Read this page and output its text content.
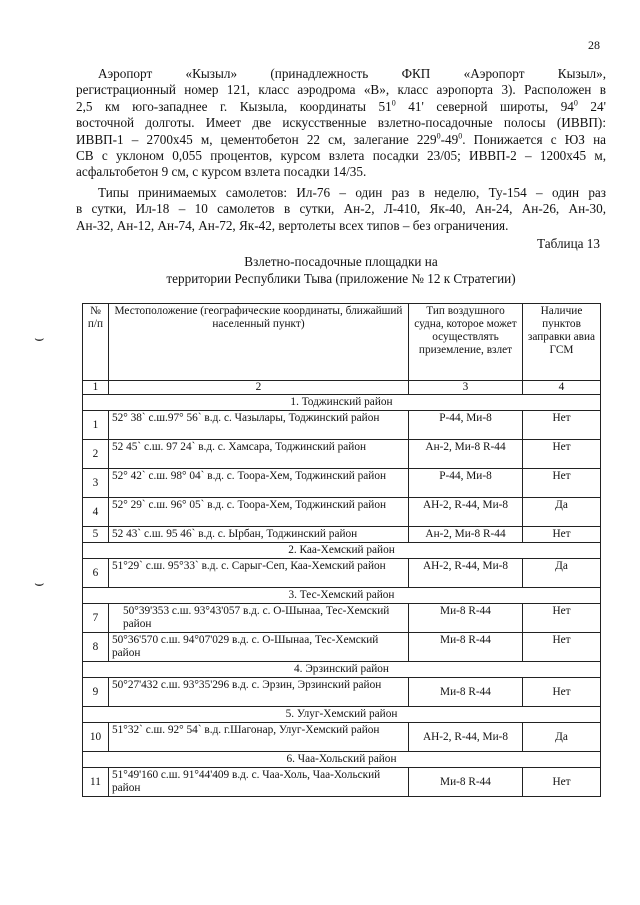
28
Аэропорт «Кызыл» (принадлежность ФКП «Аэропорт Кызыл»,
регистрационный номер 121, класс аэродрома «В», класс аэропорта 3). Расположен в
2,5 км юго-западнее г. Кызыла, координаты $51^0$ 41' северной широты, $94^0$ 24'
восточной долготы. Имеет две искусственные взлетно-посадочные полосы (ИВВП):
ИВВП-1 – 2700x45 м, цементобетон 22 см, залегание $229^0-49^0$. Понижается с ЮЗ на
СВ с уклоном 0,055 процентов, курсом взлета посадки 23/05; ИВВП-2 – 1200x45 м,
асфальтобетон 9 см, с курсом взлета посадки 14/35.
Типы принимаемых самолетов: Ил-76 – один раз в неделю, Ту-154 – один раз
в сутки, Ил-18 – 10 самолетов в сутки, Ан-2, Л-410, Як-40, Ан-24, Ан-26, Ан-30,
Ан-32, Ан-12, Ан-74, Ан-72, Як-42, вертолеты всех типов – без ограничения.
Таблица 13
Взлетно-посадочные площадки на
территории Республики Тыва (приложение № 12 к Стратегии)
⌣
⌣
№ п/п	Местоположение (географические координаты, ближайший населенный пункт)	Тип воздушного судна, которое может осуществлять приземление, взлет	Наличие пунктов заправки авиа ГСМ
1	2	3	4
1. Тоджинский район			
1	52° 38` с.ш.97° 56` в.д. с. Чазылары, Тоджинский район	Р-44, Ми-8	Нет
2	52 45` с.ш. 97 24` в.д. с. Хамсара, Тоджинский район	Ан-2, Ми-8 R-44	Нет
3	52° 42` с.ш. 98° 04` в.д. с. Тоора-Хем, Тоджинский район	Р-44, Ми-8	Нет
4	52° 29` с.ш. 96° 05` в.д. с. Тоора-Хем, Тоджинский район	АН-2, R-44, Ми-8	Да
5	52 43` с.ш. 95 46` в.д. с. Ырбан, Тоджинский район	Ан-2, Ми-8 R-44	Нет
2. Каа-Хемский район			
6	51°29` с.ш. 95°33` в.д. с. Сарыг-Сеп, Каа-Хемский район	АН-2, R-44, Ми-8	Да
3. Тес-Хемский район			
7	50°39'353 с.ш. 93°43'057 в.д. с. О-Шынаа, Тес-Хемский район	Ми-8 R-44	Нет
8	50°36'570 с.ш. 94°07'029 в.д. с. О-Шынаа, Тес-Хемский район	Ми-8 R-44	Нет
4. Эрзинский район			
9	50°27'432 с.ш. 93°35'296 в.д. с. Эрзин, Эрзинский район	Ми-8 R-44	Нет
5. Улуг-Хемский район			
10	51°32` с.ш. 92° 54` в.д. г.Шагонар, Улуг-Хемский район	АН-2, R-44, Ми-8	Да
6. Чаа-Хольский район			
11	51°49'160 с.ш. 91°44'409 в.д. с. Чаа-Холь, Чаа-Хольский район	Ми-8 R-44	Нет
